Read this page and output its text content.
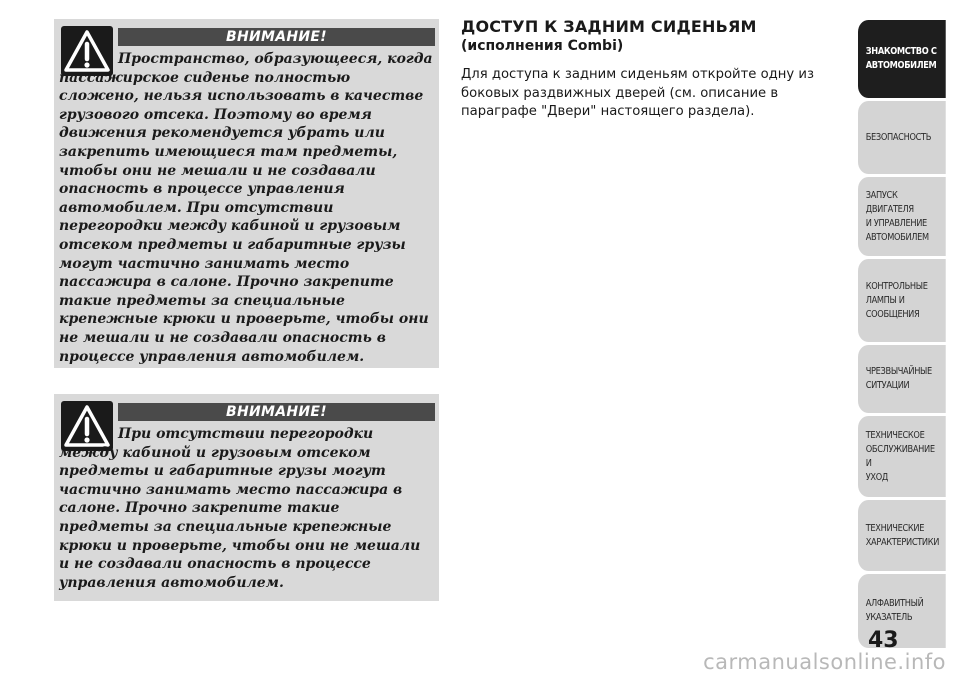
ВНИМАНИЕ!
Пространство, образующееся, когда пассажирское сиденье полностью сложено, нельзя использовать в качестве грузового отсека. Поэтому во время движения рекомендуется убрать или закрепить имеющиеся там предметы, чтобы они не мешали и не создавали опасность в процессе управления автомобилем. При отсутствии перегородки между кабиной и грузовым отсеком предметы и габаритные грузы могут частично занимать место пассажира в салоне. Прочно закрепите такие предметы за специальные крепежные крюки и проверьте, чтобы они не мешали и не создавали опасность в процессе управления автомобилем.
ВНИМАНИЕ!
При отсутствии перегородки между кабиной и грузовым отсеком предметы и габаритные грузы могут частично занимать место пассажира в салоне. Прочно закрепите такие предметы за специальные крепежные крюки и проверьте, чтобы они не мешали и не создавали опасность в процессе управления автомобилем.
ДОСТУП К ЗАДНИМ СИДЕНЬЯМ
(исполнения Combi)
Для доступа к задним сиденьям откройте одну из боковых раздвижных дверей (см. описание в параграфе "Двери" настоящего раздела).
ЗНАКОМСТВО С
АВТОМОБИЛЕМ
БЕЗОПАСНОСТЬ
ЗАПУСК ДВИГАТЕЛЯ
И УПРАВЛЕНИЕ
АВТОМОБИЛЕМ
КОНТРОЛЬНЫЕ
ЛАМПЫ И
СООБЩЕНИЯ
ЧРЕЗВЫЧАЙНЫЕ
СИТУАЦИИ
ТЕХНИЧЕСКОЕ
ОБСЛУЖИВАНИЕ И
УХОД
ТЕХНИЧЕСКИЕ
ХАРАКТЕРИСТИКИ
АЛФАВИТНЫЙ
УКАЗАТЕЛЬ
43
carmanualsonline.info
